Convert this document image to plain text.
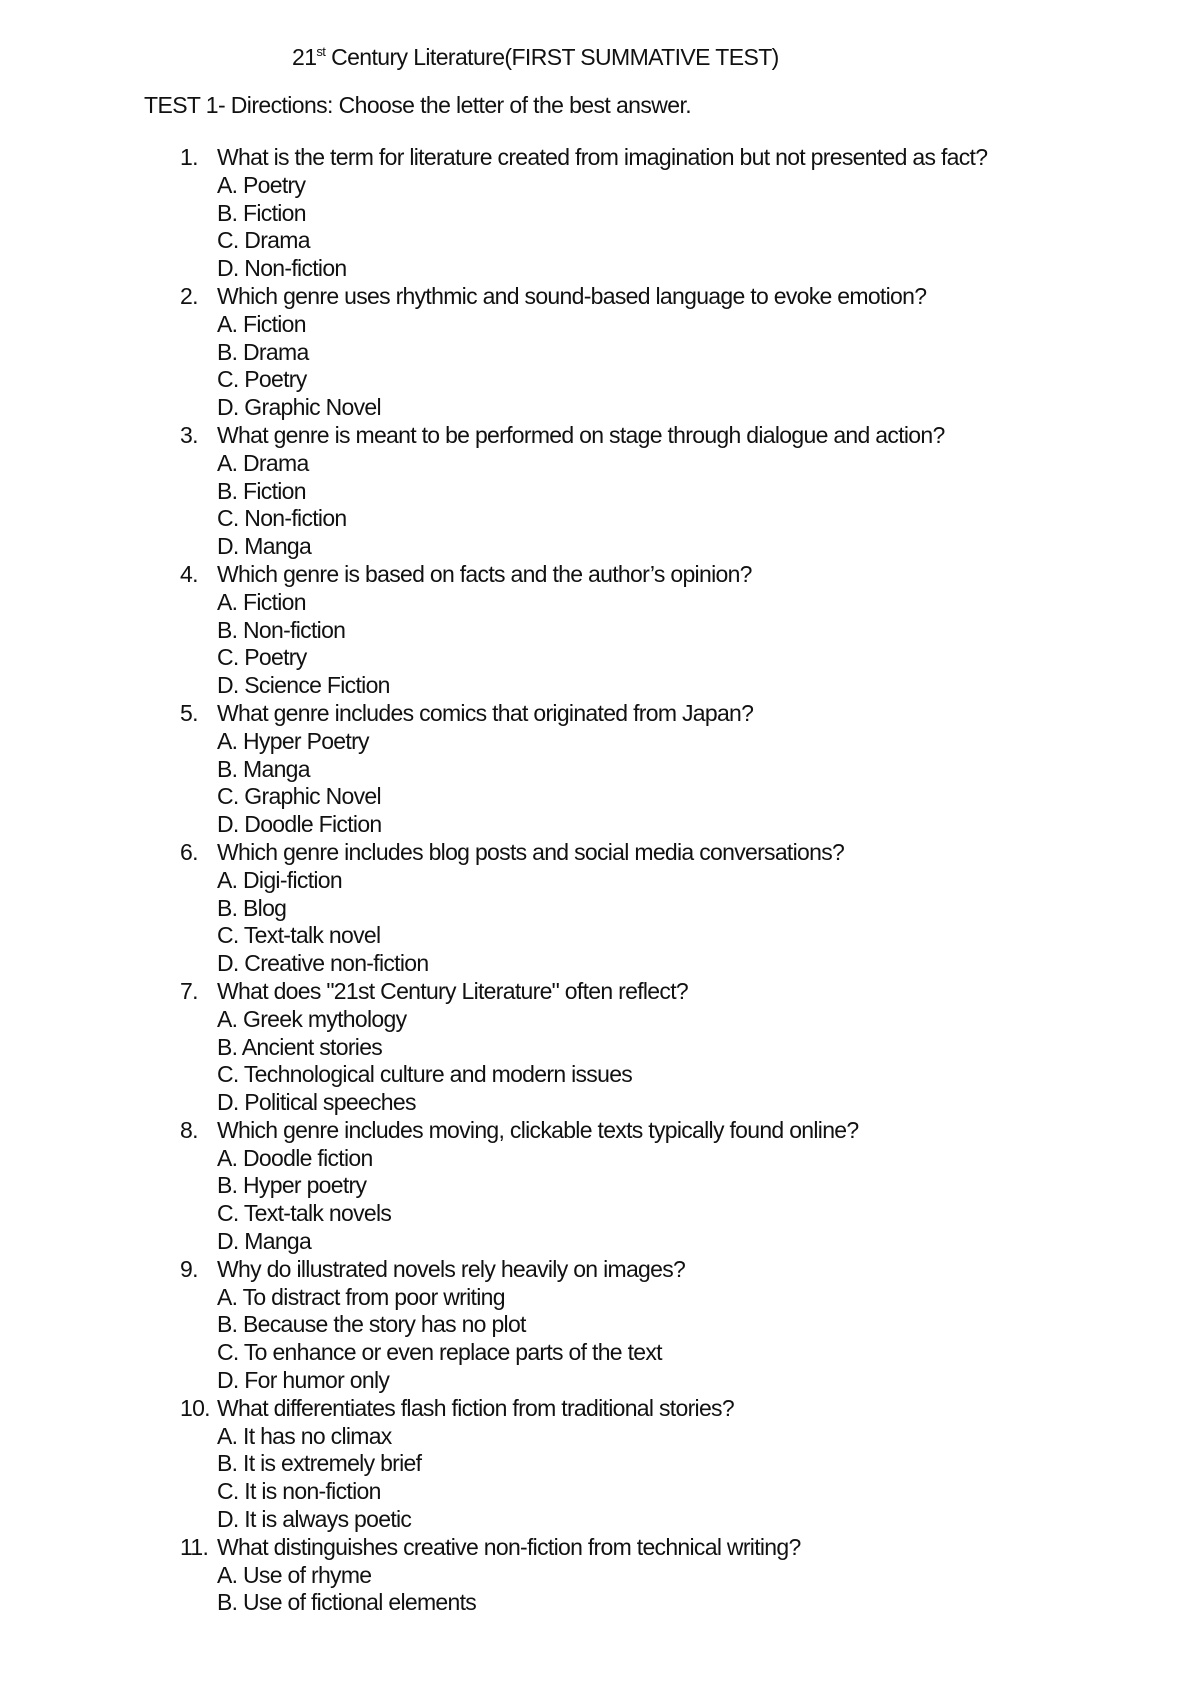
21st Century Literature(FIRST SUMMATIVE TEST)
TEST 1- Directions: Choose the letter of the best answer.
1. What is the term for literature created from imagination but not presented as fact?
A. Poetry
B. Fiction
C. Drama
D. Non-fiction
2. Which genre uses rhythmic and sound-based language to evoke emotion?
A. Fiction
B. Drama
C. Poetry
D. Graphic Novel
3. What genre is meant to be performed on stage through dialogue and action?
A. Drama
B. Fiction
C. Non-fiction
D. Manga
4. Which genre is based on facts and the author’s opinion?
A. Fiction
B. Non-fiction
C. Poetry
D. Science Fiction
5. What genre includes comics that originated from Japan?
A. Hyper Poetry
B. Manga
C. Graphic Novel
D. Doodle Fiction
6. Which genre includes blog posts and social media conversations?
A. Digi-fiction
B. Blog
C. Text-talk novel
D. Creative non-fiction
7. What does "21st Century Literature" often reflect?
A. Greek mythology
B. Ancient stories
C. Technological culture and modern issues
D. Political speeches
8. Which genre includes moving, clickable texts typically found online?
A. Doodle fiction
B. Hyper poetry
C. Text-talk novels
D. Manga
9. Why do illustrated novels rely heavily on images?
A. To distract from poor writing
B. Because the story has no plot
C. To enhance or even replace parts of the text
D. For humor only
10. What differentiates flash fiction from traditional stories?
A. It has no climax
B. It is extremely brief
C. It is non-fiction
D. It is always poetic
11. What distinguishes creative non-fiction from technical writing?
A. Use of rhyme
B. Use of fictional elements
